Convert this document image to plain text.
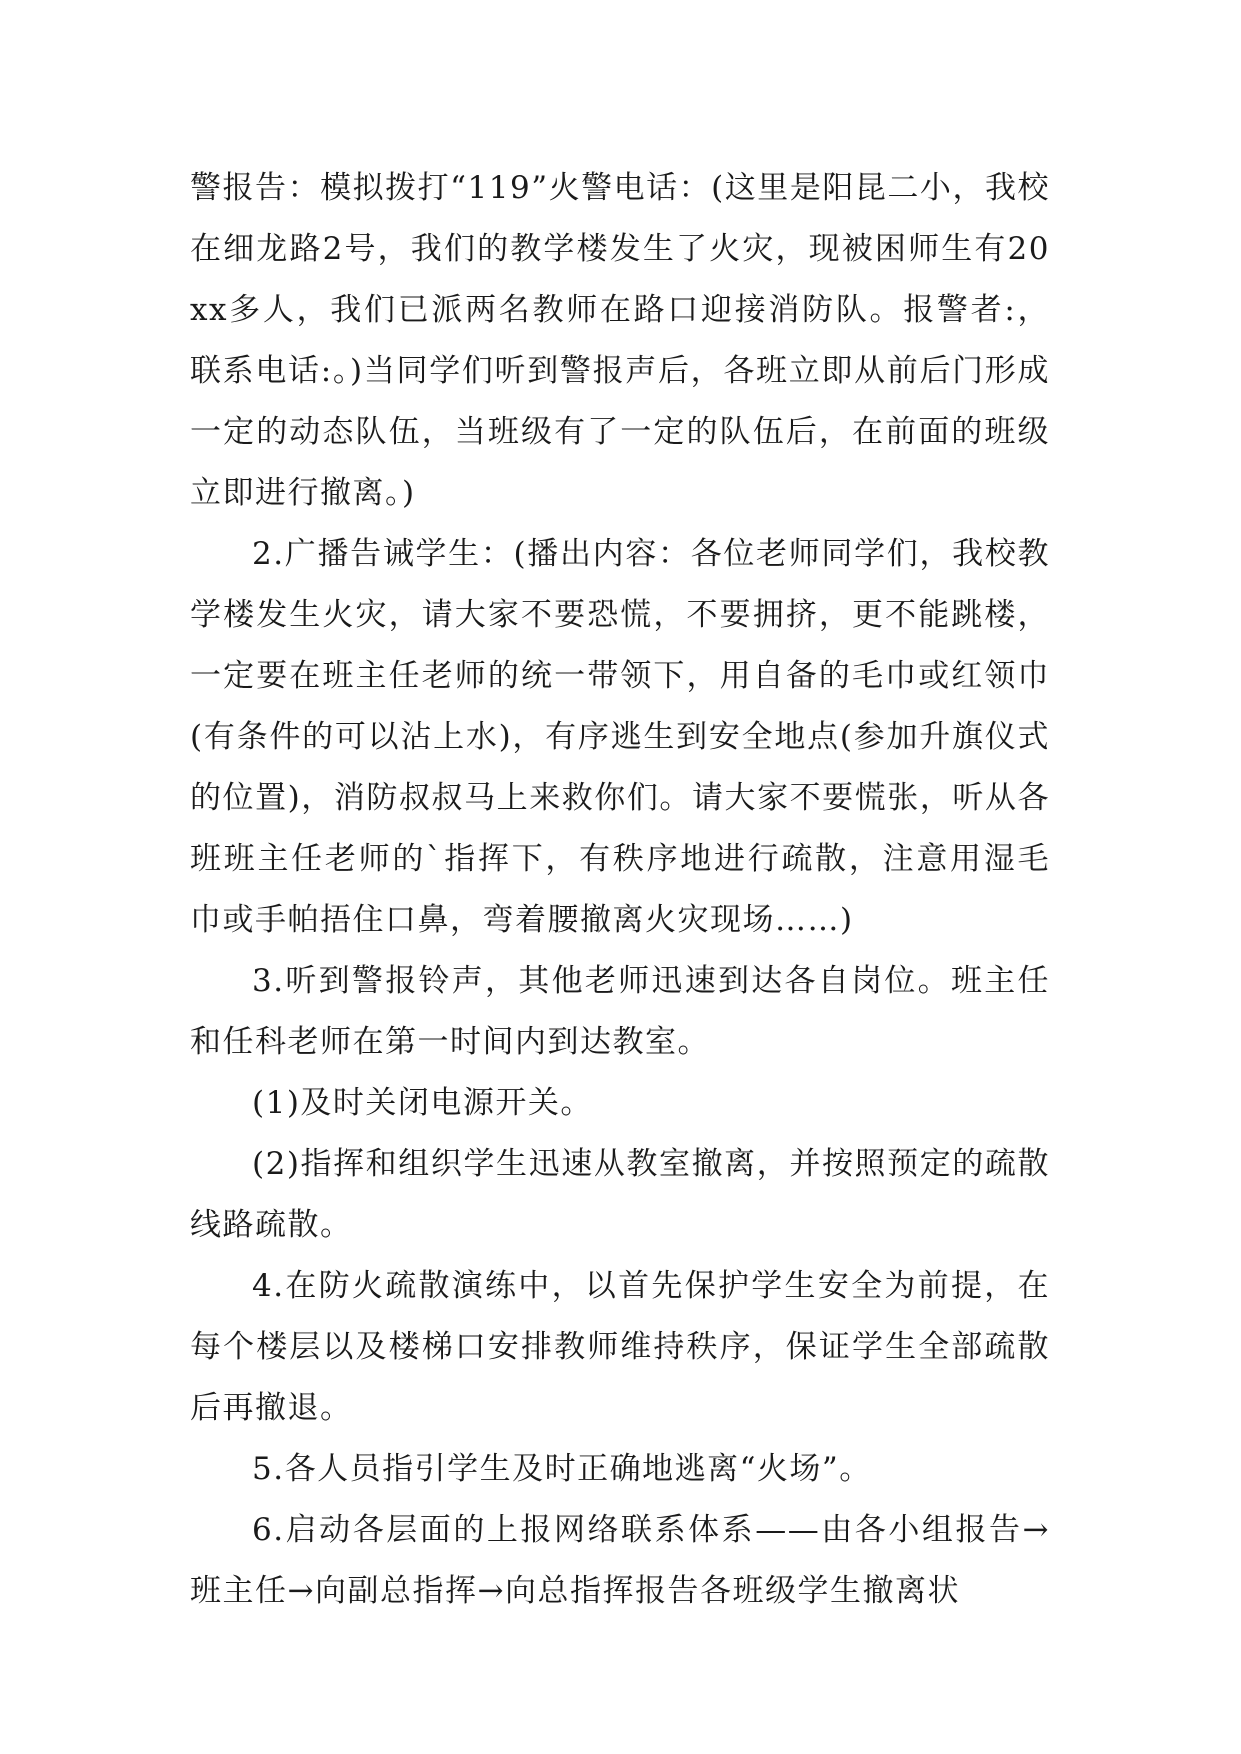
警报告：模拟拨打“119”火警电话：(这里是阳昆二小，我校在细龙路2号，我们的教学楼发生了火灾，现被困师生有20xx多人，我们已派两名教师在路口迎接消防队。报警者:，联系电话:。)当同学们听到警报声后，各班立即从前后门形成一定的动态队伍，当班级有了一定的队伍后，在前面的班级立即进行撤离。)

2.广播告诫学生：(播出内容：各位老师同学们，我校教学楼发生火灾，请大家不要恐慌，不要拥挤，更不能跳楼，一定要在班主任老师的统一带领下，用自备的毛巾或红领巾(有条件的可以沾上水)，有序逃生到安全地点(参加升旗仪式的位置)，消防叔叔马上来救你们。请大家不要慌张，听从各班班主任老师的`指挥下，有秩序地进行疏散，注意用湿毛巾或手帕捂住口鼻，弯着腰撤离火灾现场……)

3.听到警报铃声，其他老师迅速到达各自岗位。班主任和任科老师在第一时间内到达教室。

(1)及时关闭电源开关。

(2)指挥和组织学生迅速从教室撤离，并按照预定的疏散线路疏散。

4.在防火疏散演练中，以首先保护学生安全为前提，在每个楼层以及楼梯口安排教师维持秩序，保证学生全部疏散后再撤退。

5.各人员指引学生及时正确地逃离“火场”。

6.启动各层面的上报网络联系体系——由各小组报告→班主任→向副总指挥→向总指挥报告各班级学生撤离状
